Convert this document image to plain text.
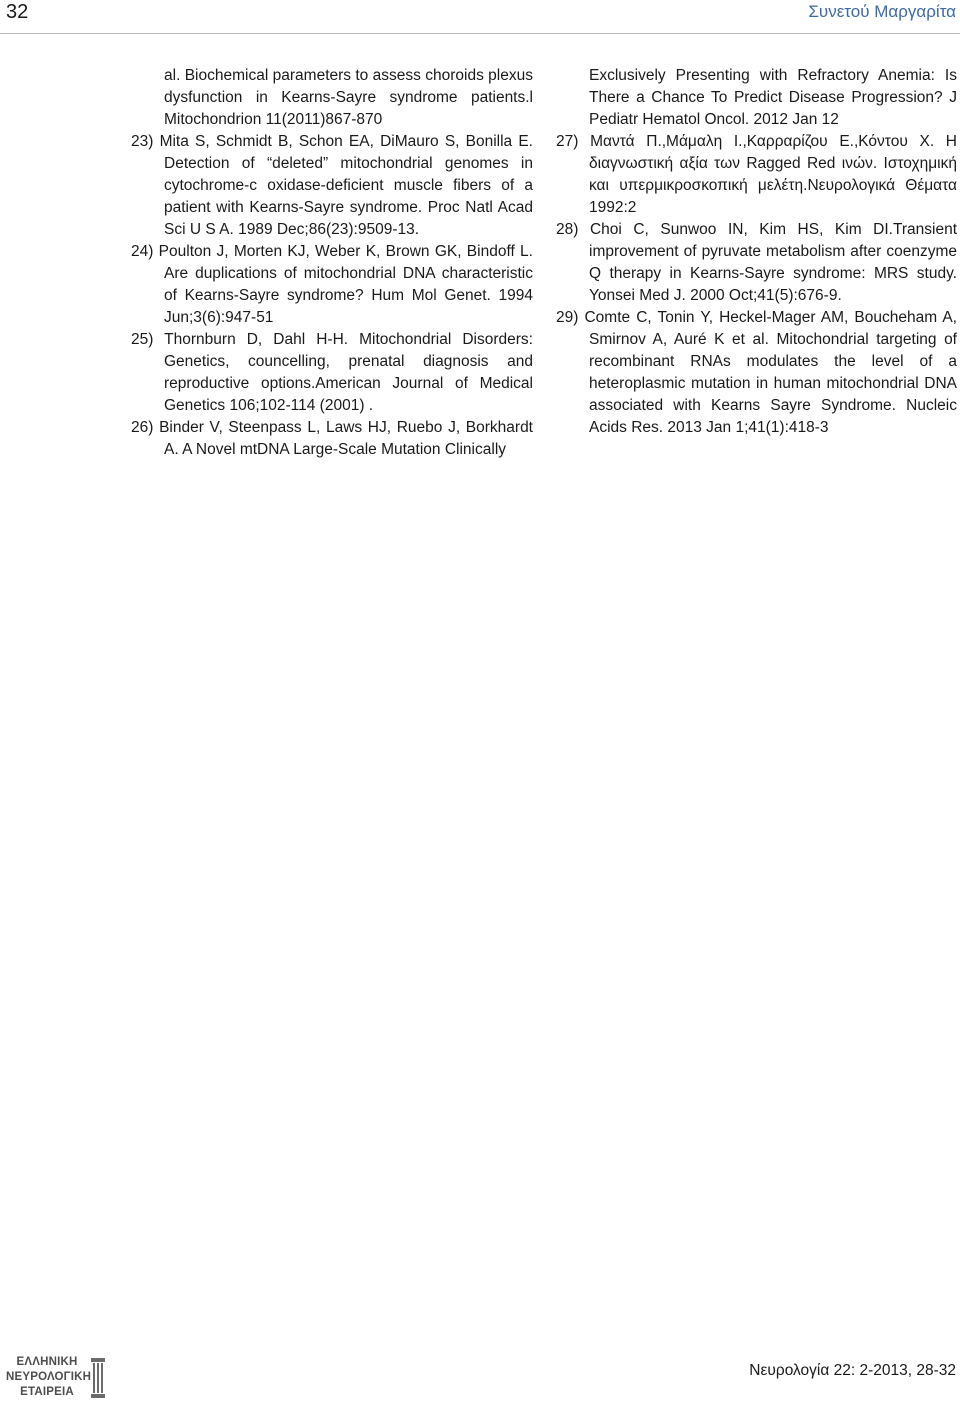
32	Συνετού Μαργαρίτα

al. Biochemical parameters to assess choroids plexus dysfunction in Kearns-Sayre syndrome patients.l Mitochondrion 11(2011)867-870

23) Mita S, Schmidt B, Schon EA, DiMauro S, Bonilla E. Detection of “deleted” mitochondrial genomes in cytochrome-c oxidase-deficient muscle fibers of a patient with Kearns-Sayre syndrome. Proc Natl Acad Sci U S A. 1989 Dec;86(23):9509-13.

24) Poulton J, Morten KJ, Weber K, Brown GK, Bindoff L. Are duplications of mitochondrial DNA characteristic of Kearns-Sayre syndrome? Hum Mol Genet. 1994 Jun;3(6):947-51

25) Thornburn D, Dahl H-H. Mitochondrial Disorders: Genetics, councelling, prenatal diagnosis and reproductive options.American Journal of Medical Genetics 106;102-114 (2001) .

26) Binder V, Steenpass L, Laws HJ, Ruebo J, Borkhardt A. A Novel mtDNA Large-Scale Mutation Clinically

Exclusively Presenting with Refractory Anemia: Is There a Chance To Predict Disease Progression? J Pediatr Hematol Oncol. 2012 Jan 12

27) Μαντά Π.,Μάμαλη Ι.,Καρραρίζου Ε.,Κόντου Χ. Η διαγνωστική αξία των Ragged Red ινών. Ιστοχημική και υπερμικροσκοπική μελέτη.Νευρολογικά Θέματα 1992:2

28) Choi C, Sunwoo IN, Kim HS, Kim DI.Transient improvement of pyruvate metabolism after coenzyme Q therapy in Kearns-Sayre syndrome: MRS study. Yonsei Med J. 2000 Oct;41(5):676-9.

29) Comte C, Tonin Y, Heckel-Mager AM, Boucheham A, Smirnov A, Auré K et al. Mitochondrial targeting of recombinant RNAs modulates the level of a heteroplasmic mutation in human mitochondrial DNA associated with Kearns Sayre Syndrome. Nucleic Acids Res. 2013 Jan 1;41(1):418-3

ΕΛΛΗΝΙΚΗ
ΝΕΥΡΟΛΟΓΙΚΗ
ΕΤΑΙΡΕΙΑ
Νευρολογία 22: 2-2013, 28-32
